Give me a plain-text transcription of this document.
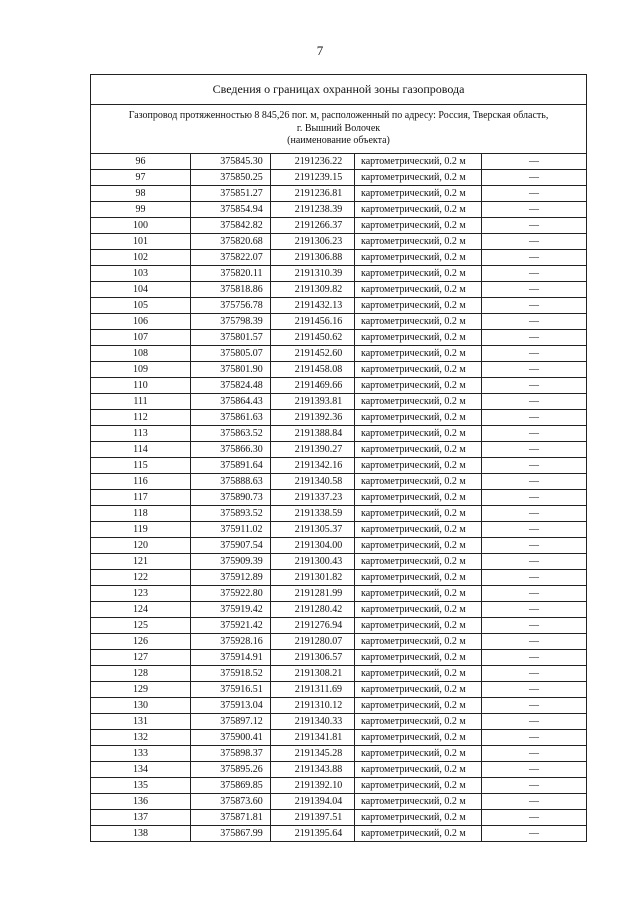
7
Сведения о границах охранной зоны газопровода				

Газопровод протяженностью 8 845,26 пог. м, расположенный по адресу: Россия, Тверская область,
г. Вышний Волочек
(наименование объекта)				

96	375845.30	2191236.22	картометрический, 0.2 м	—
97	375850.25	2191239.15	картометрический, 0.2 м	—
98	375851.27	2191236.81	картометрический, 0.2 м	—
99	375854.94	2191238.39	картометрический, 0.2 м	—
100	375842.82	2191266.37	картометрический, 0.2 м	—
101	375820.68	2191306.23	картометрический, 0.2 м	—
102	375822.07	2191306.88	картометрический, 0.2 м	—
103	375820.11	2191310.39	картометрический, 0.2 м	—
104	375818.86	2191309.82	картометрический, 0.2 м	—
105	375756.78	2191432.13	картометрический, 0.2 м	—
106	375798.39	2191456.16	картометрический, 0.2 м	—
107	375801.57	2191450.62	картометрический, 0.2 м	—
108	375805.07	2191452.60	картометрический, 0.2 м	—
109	375801.90	2191458.08	картометрический, 0.2 м	—
110	375824.48	2191469.66	картометрический, 0.2 м	—
111	375864.43	2191393.81	картометрический, 0.2 м	—
112	375861.63	2191392.36	картометрический, 0.2 м	—
113	375863.52	2191388.84	картометрический, 0.2 м	—
114	375866.30	2191390.27	картометрический, 0.2 м	—
115	375891.64	2191342.16	картометрический, 0.2 м	—
116	375888.63	2191340.58	картометрический, 0.2 м	—
117	375890.73	2191337.23	картометрический, 0.2 м	—
118	375893.52	2191338.59	картометрический, 0.2 м	—
119	375911.02	2191305.37	картометрический, 0.2 м	—
120	375907.54	2191304.00	картометрический, 0.2 м	—
121	375909.39	2191300.43	картометрический, 0.2 м	—
122	375912.89	2191301.82	картометрический, 0.2 м	—
123	375922.80	2191281.99	картометрический, 0.2 м	—
124	375919.42	2191280.42	картометрический, 0.2 м	—
125	375921.42	2191276.94	картометрический, 0.2 м	—
126	375928.16	2191280.07	картометрический, 0.2 м	—
127	375914.91	2191306.57	картометрический, 0.2 м	—
128	375918.52	2191308.21	картометрический, 0.2 м	—
129	375916.51	2191311.69	картометрический, 0.2 м	—
130	375913.04	2191310.12	картометрический, 0.2 м	—
131	375897.12	2191340.33	картометрический, 0.2 м	—
132	375900.41	2191341.81	картометрический, 0.2 м	—
133	375898.37	2191345.28	картометрический, 0.2 м	—
134	375895.26	2191343.88	картометрический, 0.2 м	—
135	375869.85	2191392.10	картометрический, 0.2 м	—
136	375873.60	2191394.04	картометрический, 0.2 м	—
137	375871.81	2191397.51	картометрический, 0.2 м	—
138	375867.99	2191395.64	картометрический, 0.2 м	—
